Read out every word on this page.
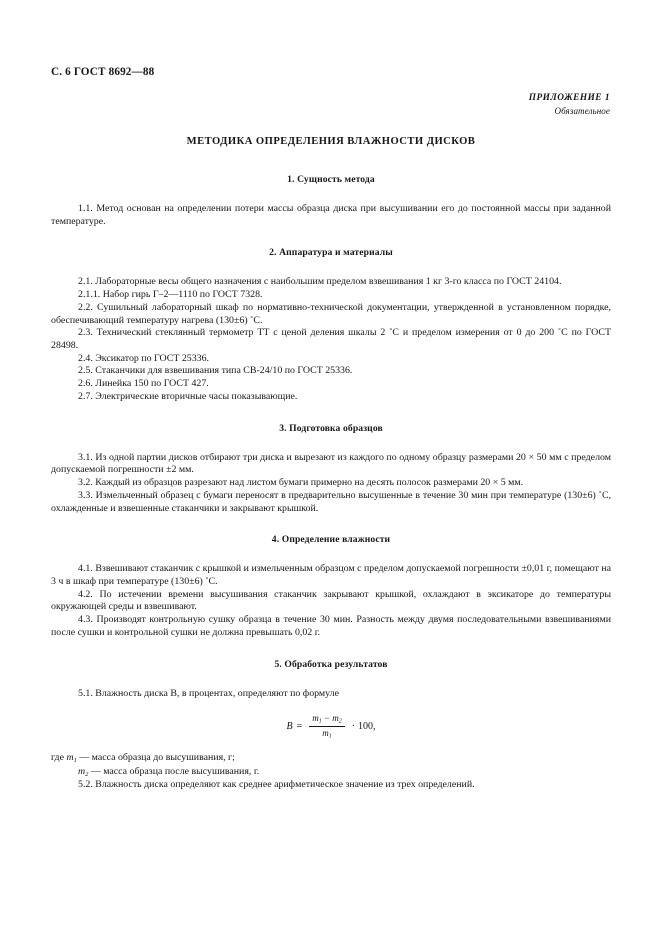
С. 6 ГОСТ 8692—88
ПРИЛОЖЕНИЕ 1
Обязательное
МЕТОДИКА ОПРЕДЕЛЕНИЯ ВЛАЖНОСТИ ДИСКОВ
1. Сущность метода

1.1. Метод основан на определении потери массы образца диска при высушивании его до постоянной массы при заданной температуре.

2. Аппаратура и материалы

2.1. Лабораторные весы общего назначения с наибольшим пределом взвешивания 1 кг 3-го класса по ГОСТ 24104.

2.1.1. Набор гирь Г–2—1110 по ГОСТ 7328.

2.2. Сушильный лабораторный шкаф по нормативно-технической документации, утвержденной в установленном порядке, обеспечивающий температуру нагрева (130±6) ˚С.

2.3. Технический стеклянный термометр ТТ с ценой деления шкалы 2 ˚С и пределом измерения от 0 до 200 ˚С по ГОСТ 28498.

2.4. Эксикатор по ГОСТ 25336.

2.5. Стаканчики для взвешивания типа СВ-24/10 по ГОСТ 25336.

2.6. Линейка 150 по ГОСТ 427.

2.7. Электрические вторичные часы показывающие.

3. Подготовка образцов

3.1. Из одной партии дисков отбирают три диска и вырезают из каждого по одному образцу размерами 20 × 50 мм с пределом допускаемой погрешности ±2 мм.

3.2. Каждый из образцов разрезают над листом бумаги примерно на десять полосок размерами 20 × 5 мм.

3.3. Измельченный образец с бумаги переносят в предварительно высушенные в течение 30 мин при температуре (130±6) ˚С, охлажденные и взвешенные стаканчики и закрывают крышкой.

4. Определение влажности

4.1. Взвешивают стаканчик с крышкой и измельченным образцом с пределом допускаемой погрешности ±0,01 г, помещают на 3 ч в шкаф при температуре (130±6) ˚С.

4.2. По истечении времени высушивания стаканчик закрывают крышкой, охлаждают в эксикаторе до температуры окружающей среды и взвешивают.

4.3. Производят контрольную сушку образца в течение 30 мин. Разность между двумя последовательными взвешиваниями после сушки и контрольной сушки не должна превышать 0,02 г.

5. Обработка результатов

5.1. Влажность диска B, в процентах, определяют по формуле

$B = \frac{m_1 - m_2}{m_1} \cdot 100$,

где $m_1$ — масса образца до высушивания, г;

$m_2$ — масса образца после высушивания, г.

5.2. Влажность диска определяют как среднее арифметическое значение из трех определений.
